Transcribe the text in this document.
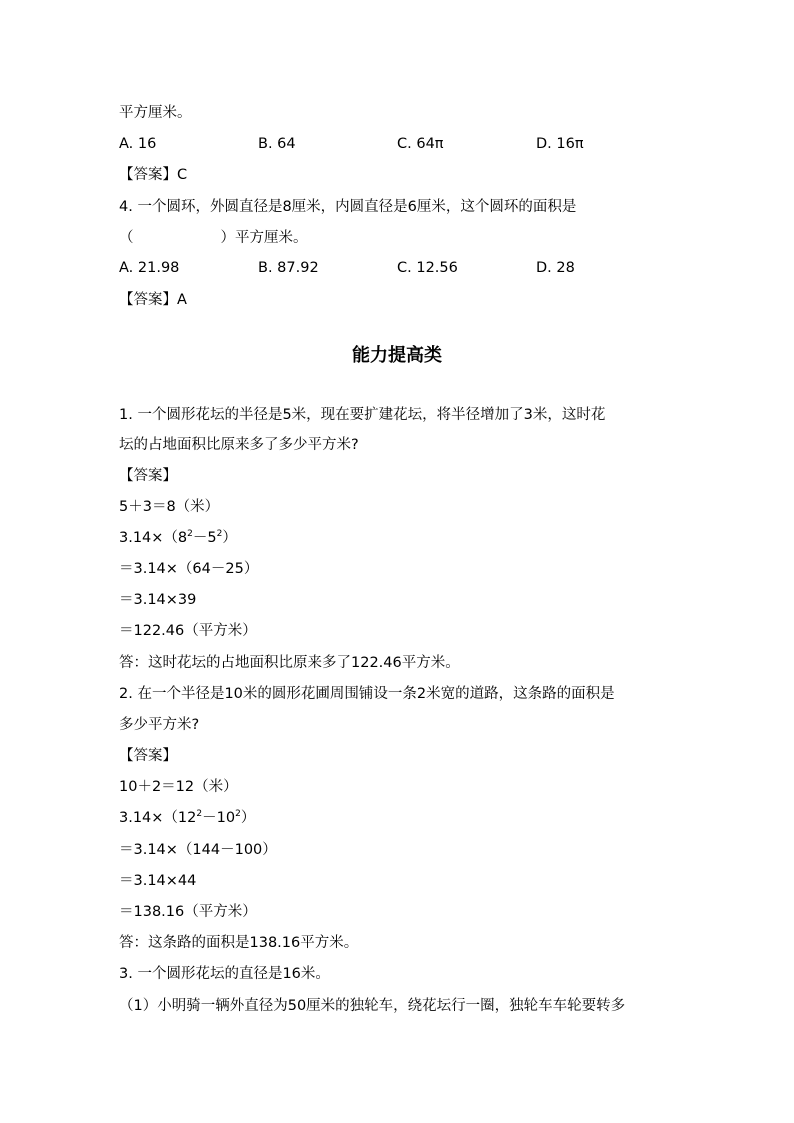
平方厘米。
A. 16	B. 64	C. 64π	D. 16π
【答案】C
4. 一个圆环，外圆直径是8厘米，内圆直径是6厘米，这个圆环的面积是
（　　　　　　）平方厘米。
A. 21.98	B. 87.92	C. 12.56	D. 28
【答案】A
能力提高类
1. 一个圆形花坛的半径是5米，现在要扩建花坛，将半径增加了3米，这时花
坛的占地面积比原来多了多少平方米?
【答案】
5＋3＝8（米）
$3.14\times(8^2-5^2)$
＝3.14×（64－25）
＝3.14×39
＝122.46（平方米）
答：这时花坛的占地面积比原来多了122.46平方米。
2. 在一个半径是10米的圆形花圃周围铺设一条2米宽的道路，这条路的面积是
多少平方米?
【答案】
10＋2＝12（米）
$3.14\times(12^2-10^2)$
＝3.14×（144－100）
＝3.14×44
＝138.16（平方米）
答：这条路的面积是138.16平方米。
3. 一个圆形花坛的直径是16米。
（1）小明骑一辆外直径为50厘米的独轮车，绕花坛行一圈，独轮车车轮要转多
